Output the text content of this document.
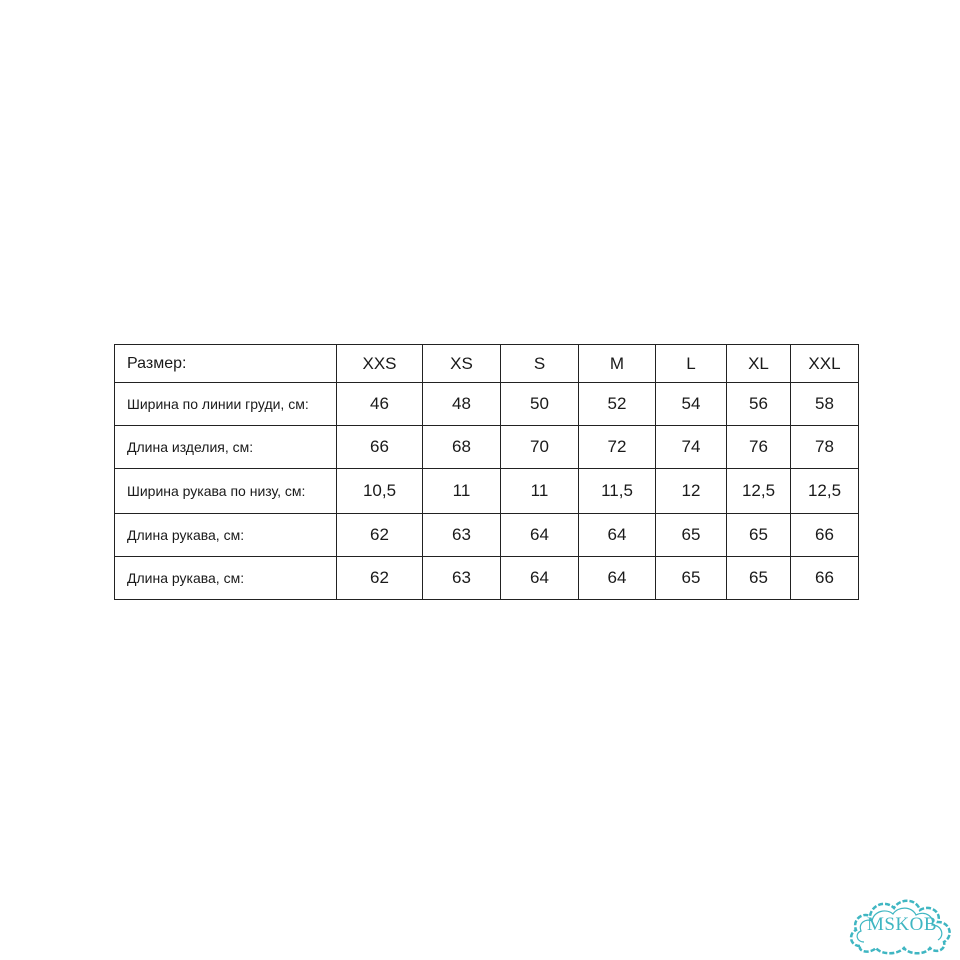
Размер:	XXS	XS	S	M	L	XL	XXL
Ширина по линии груди, см:	46	48	50	52	54	56	58
Длина изделия, см:	66	68	70	72	74	76	78
Ширина рукава по низу, см:	10,5	11	11	11,5	12	12,5	12,5
Длина рукава, см:	62	63	64	64	65	65	66
Длина рукава, см:	62	63	64	64	65	65	66
MSKOB
